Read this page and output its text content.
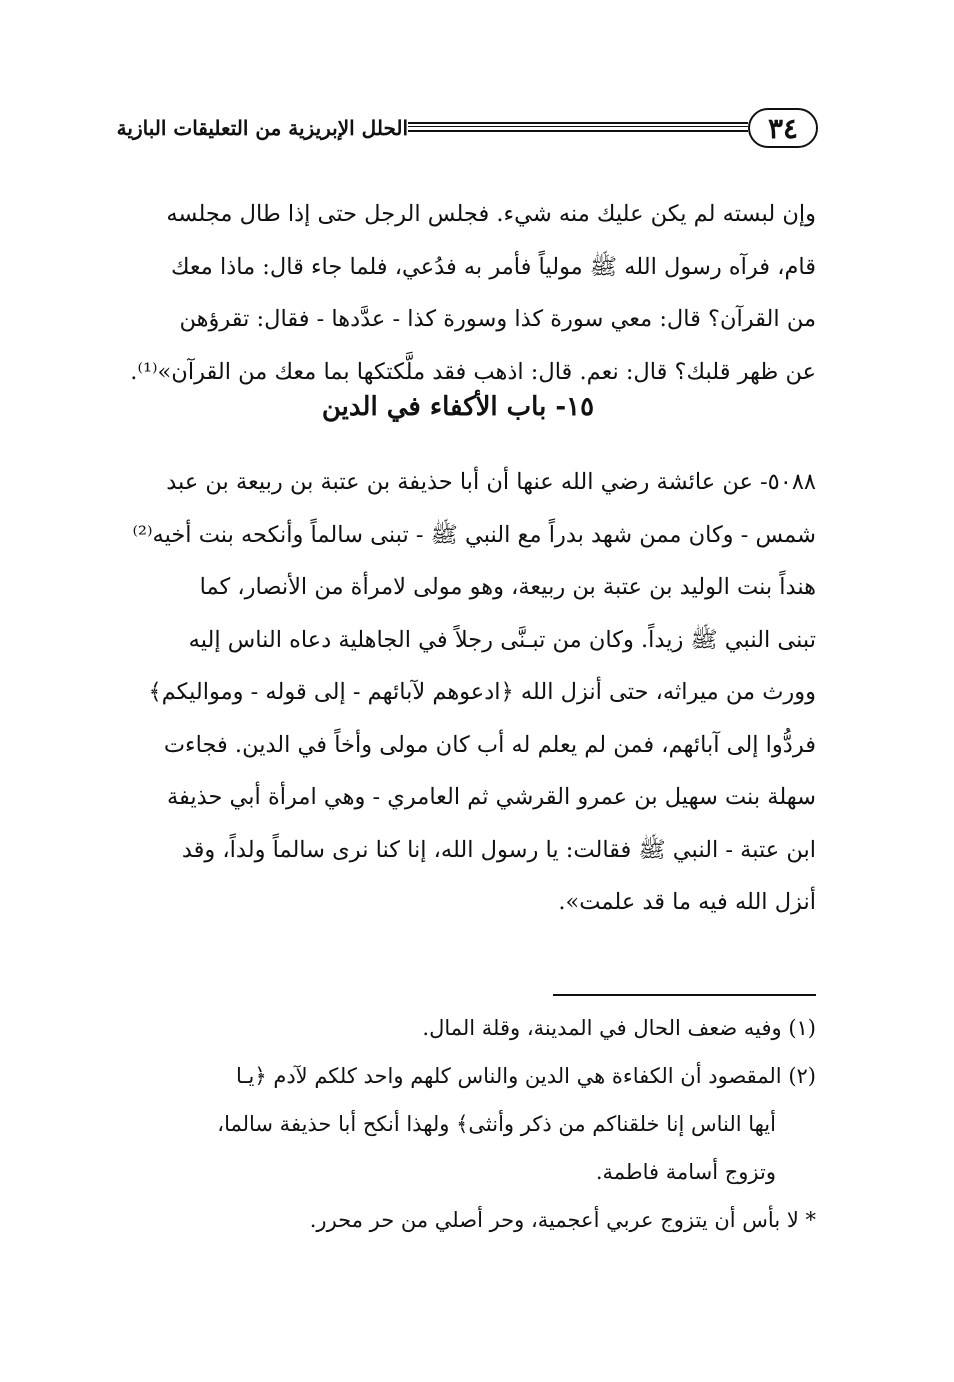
الحلل الإبريزية من التعليقات البازية	٣٤
وإن لبسته لم يكن عليك منه شيء. فجلس الرجل حتى إذا طال مجلسه
قام، فرآه رسول الله ﷺ مولياً فأمر به فدُعي، فلما جاء قال: ماذا معك
من القرآن؟ قال: معي سورة كذا وسورة كذا - عدَّدها - فقال: تقرؤهن
عن ظهر قلبك؟ قال: نعم. قال: اذهب فقد ملَّكتكها بما معك من القرآن»⁽¹⁾.
١٥- باب الأكفاء في الدين
٥٠٨٨- عن عائشة رضي الله عنها أن أبا حذيفة بن عتبة بن ربيعة بن عبد
شمس - وكان ممن شهد بدراً مع النبي ﷺ - تبنى سالماً وأنكحه بنت أخيه⁽²⁾
هنداً بنت الوليد بن عتبة بن ربيعة، وهو مولى لامرأة من الأنصار، كما
تبنى النبي ﷺ زيداً. وكان من تبـنَّى رجلاً في الجاهلية دعاه الناس إليه
وورث من ميراثه، حتى أنزل الله ﴿ادعوهم لآبائهم - إلى قوله - ومواليكم﴾
فردُّوا إلى آبائهم، فمن لم يعلم له أب كان مولى وأخاً في الدين. فجاءت
سهلة بنت سهيل بن عمرو القرشي ثم العامري - وهي امرأة أبي حذيفة
ابن عتبة - النبي ﷺ فقالت: يا رسول الله، إنا كنا نرى سالماً ولداً، وقد
أنزل الله فيه ما قد علمت».
(١) وفيه ضعف الحال في المدينة، وقلة المال.
(٢) المقصود أن الكفاءة هي الدين والناس كلهم واحد كلكم لآدم ﴿يـا
أيها الناس إنا خلقناكم من ذكر وأنثى﴾ ولهذا أنكح أبا حذيفة سالما،
وتزوج أسامة فاطمة.
* لا بأس أن يتزوج عربي أعجمية، وحر أصلي من حر محرر.
